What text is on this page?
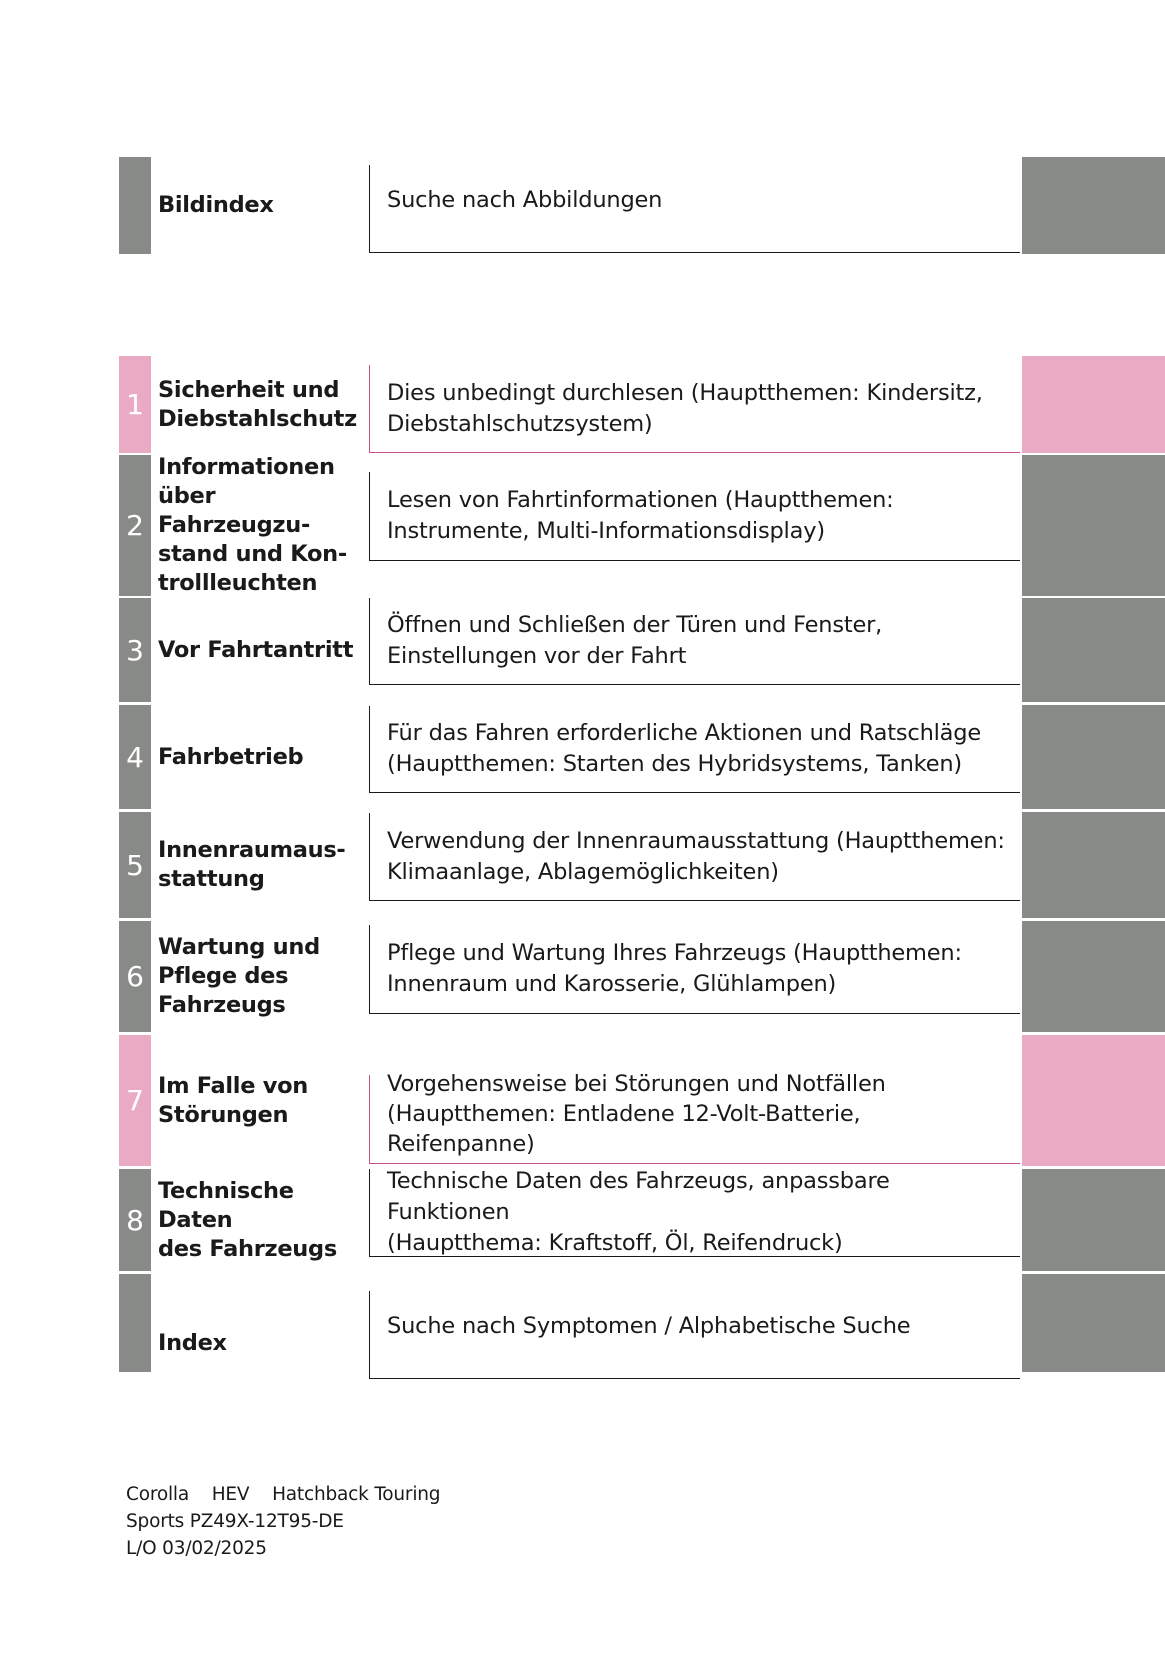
Bildindex	Suche nach Abbildungen
1 Sicherheit und
Diebstahlschutz
Dies unbedingt durchlesen (Hauptthemen: Kindersitz,
Diebstahlschutzsystem)
2
Informationen
über Fahrzeugzu-
stand und Kon-
trollleuchten
Lesen von Fahrtinformationen (Hauptthemen:
Instrumente, Multi-Informationsdisplay)
3 Vor Fahrtantritt
Öffnen und Schließen der Türen und Fenster,
Einstellungen vor der Fahrt
4 Fahrbetrieb
Für das Fahren erforderliche Aktionen und Ratschläge
(Hauptthemen: Starten des Hybridsystems, Tanken)
5 Innenraumaus-
stattung
Verwendung der Innenraumausstattung (Hauptthemen:
Klimaanlage, Ablagemöglichkeiten)
6
Wartung und
Pflege des
Fahrzeugs
Pflege und Wartung Ihres Fahrzeugs (Hauptthemen:
Innenraum und Karosserie, Glühlampen)
7 Im Falle von
Störungen
Vorgehensweise bei Störungen und Notfällen
(Hauptthemen: Entladene 12-Volt-Batterie,
Reifenpanne)
8
Technische Daten
des Fahrzeugs
Technische Daten des Fahrzeugs, anpassbare Funktionen
(Hauptthema: Kraftstoff, Öl, Reifendruck)
Index
Suche nach Symptomen / Alphabetische Suche
Corolla    HEV    Hatchback Touring
Sports PZ49X-12T95-DE
L/O 03/02/2025
